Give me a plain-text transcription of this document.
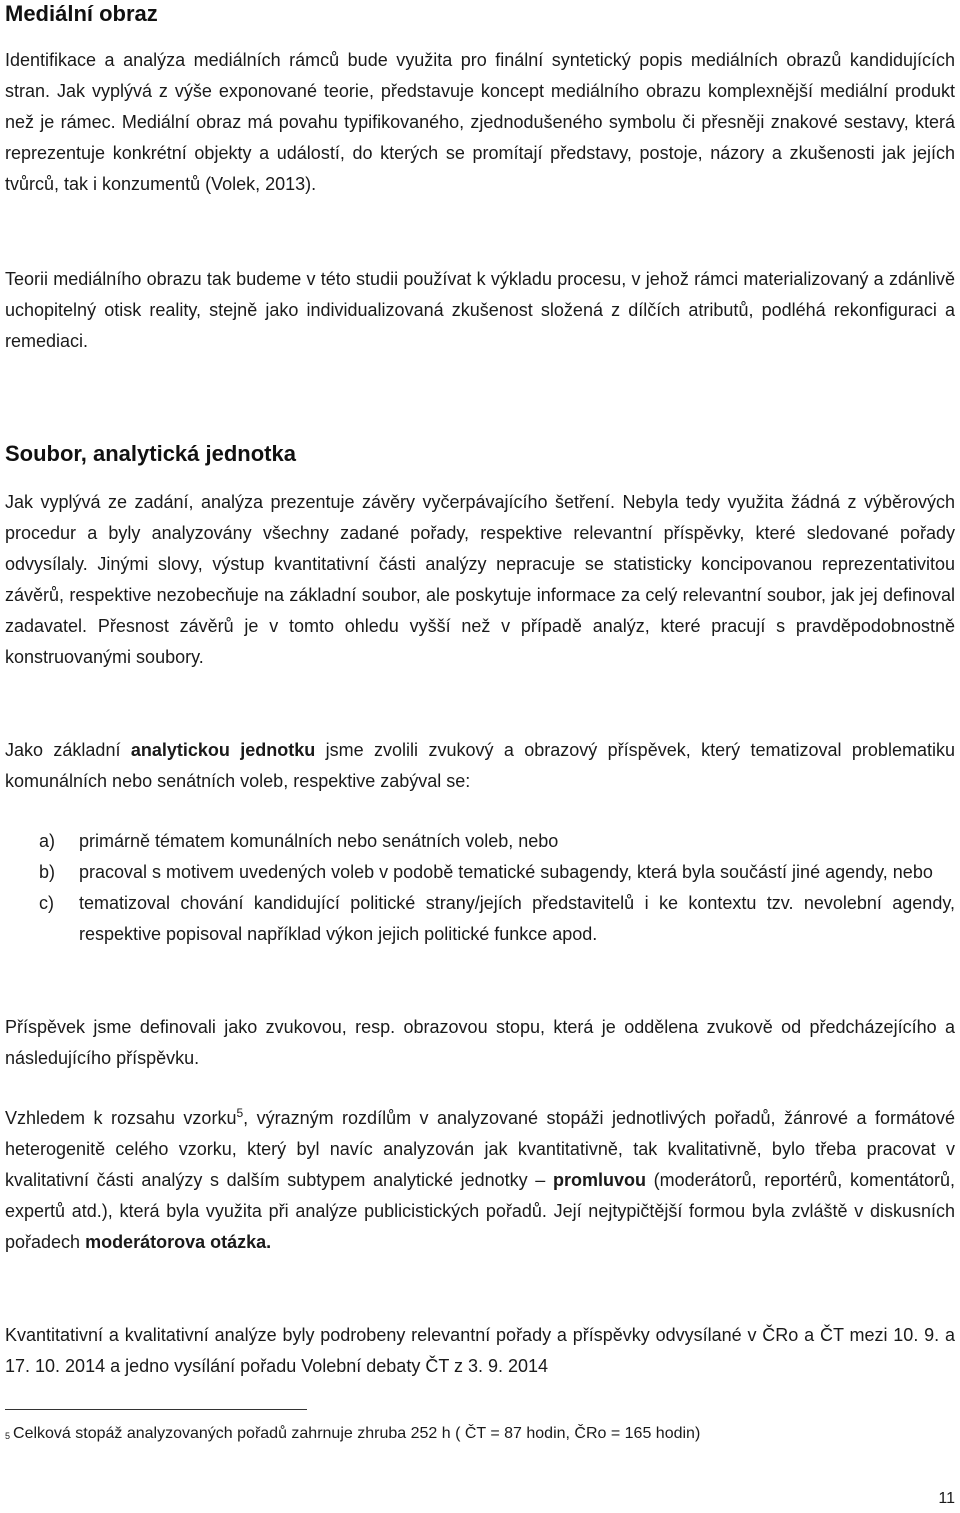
Mediální obraz

Identifikace a analýza mediálních rámců bude využita pro finální syntetický popis mediálních obrazů kandidujících stran. Jak vyplývá z výše exponované teorie, představuje koncept mediálního obrazu komplexnější mediální produkt než je rámec. Mediální obraz má povahu typifikovaného, zjednodušeného symbolu či přesněji znakové sestavy, která reprezentuje konkrétní objekty a událostí, do kterých se promítají představy, postoje, názory a zkušenosti jak jejích tvůrců, tak i konzumentů (Volek, 2013).

Teorii mediálního obrazu tak budeme v této studii používat k výkladu procesu, v jehož rámci materializovaný a zdánlivě uchopitelný otisk reality, stejně jako individualizovaná zkušenost složená z dílčích atributů, podléhá rekonfiguraci a remediaci.

Soubor, analytická jednotka

Jak vyplývá ze zadání, analýza prezentuje závěry vyčerpávajícího šetření. Nebyla tedy využita žádná z výběrových procedur a byly analyzovány všechny zadané pořady, respektive relevantní příspěvky, které sledované pořady odvysílaly. Jinými slovy, výstup kvantitativní části analýzy nepracuje se statisticky koncipovanou reprezentativitou závěrů, respektive nezobecňuje na základní soubor, ale poskytuje informace za celý relevantní soubor, jak jej definoval zadavatel. Přesnost závěrů je v tomto ohledu vyšší než v případě analýz, které pracují s pravděpodobnostně konstruovanými soubory.

Jako základní analytickou jednotku jsme zvolili zvukový a obrazový příspěvek, který tematizoval problematiku komunálních nebo senátních voleb, respektive zabýval se:

a) primárně tématem komunálních nebo senátních voleb, nebo
b) pracoval s motivem uvedených voleb v podobě tematické subagendy, která byla součástí jiné agendy, nebo
c) tematizoval chování kandidující politické strany/jejích představitelů i ke kontextu tzv. nevolební agendy, respektive popisoval například výkon jejich politické funkce apod.

Příspěvek jsme definovali jako zvukovou, resp. obrazovou stopu, která je oddělena zvukově od předcházejícího a následujícího příspěvku.

Vzhledem k rozsahu vzorku$^5$, výrazným rozdílům v analyzované stopáži jednotlivých pořadů, žánrové a formátové heterogenitě celého vzorku, který byl navíc analyzován jak kvantitativně, tak kvalitativně, bylo třeba pracovat v kvalitativní části analýzy s dalším subtypem analytické jednotky – promluvou (moderátorů, reportérů, komentátorů, expertů atd.), která byla využita při analýze publicistických pořadů. Její nejtypičtější formou byla zvláště v diskusních pořadech moderátorova otázka.

Kvantitativní a kvalitativní analýze byly podrobeny relevantní pořady a příspěvky odvysílané v ČRo a ČT mezi 10. 9. a 17. 10. 2014 a jedno vysílání pořadu Volební debaty ČT z 3. 9. 2014

$^5$ Celková stopáž analyzovaných pořadů zahrnuje zhruba 252 h ( ČT = 87 hodin, ČRo = 165 hodin)
11
